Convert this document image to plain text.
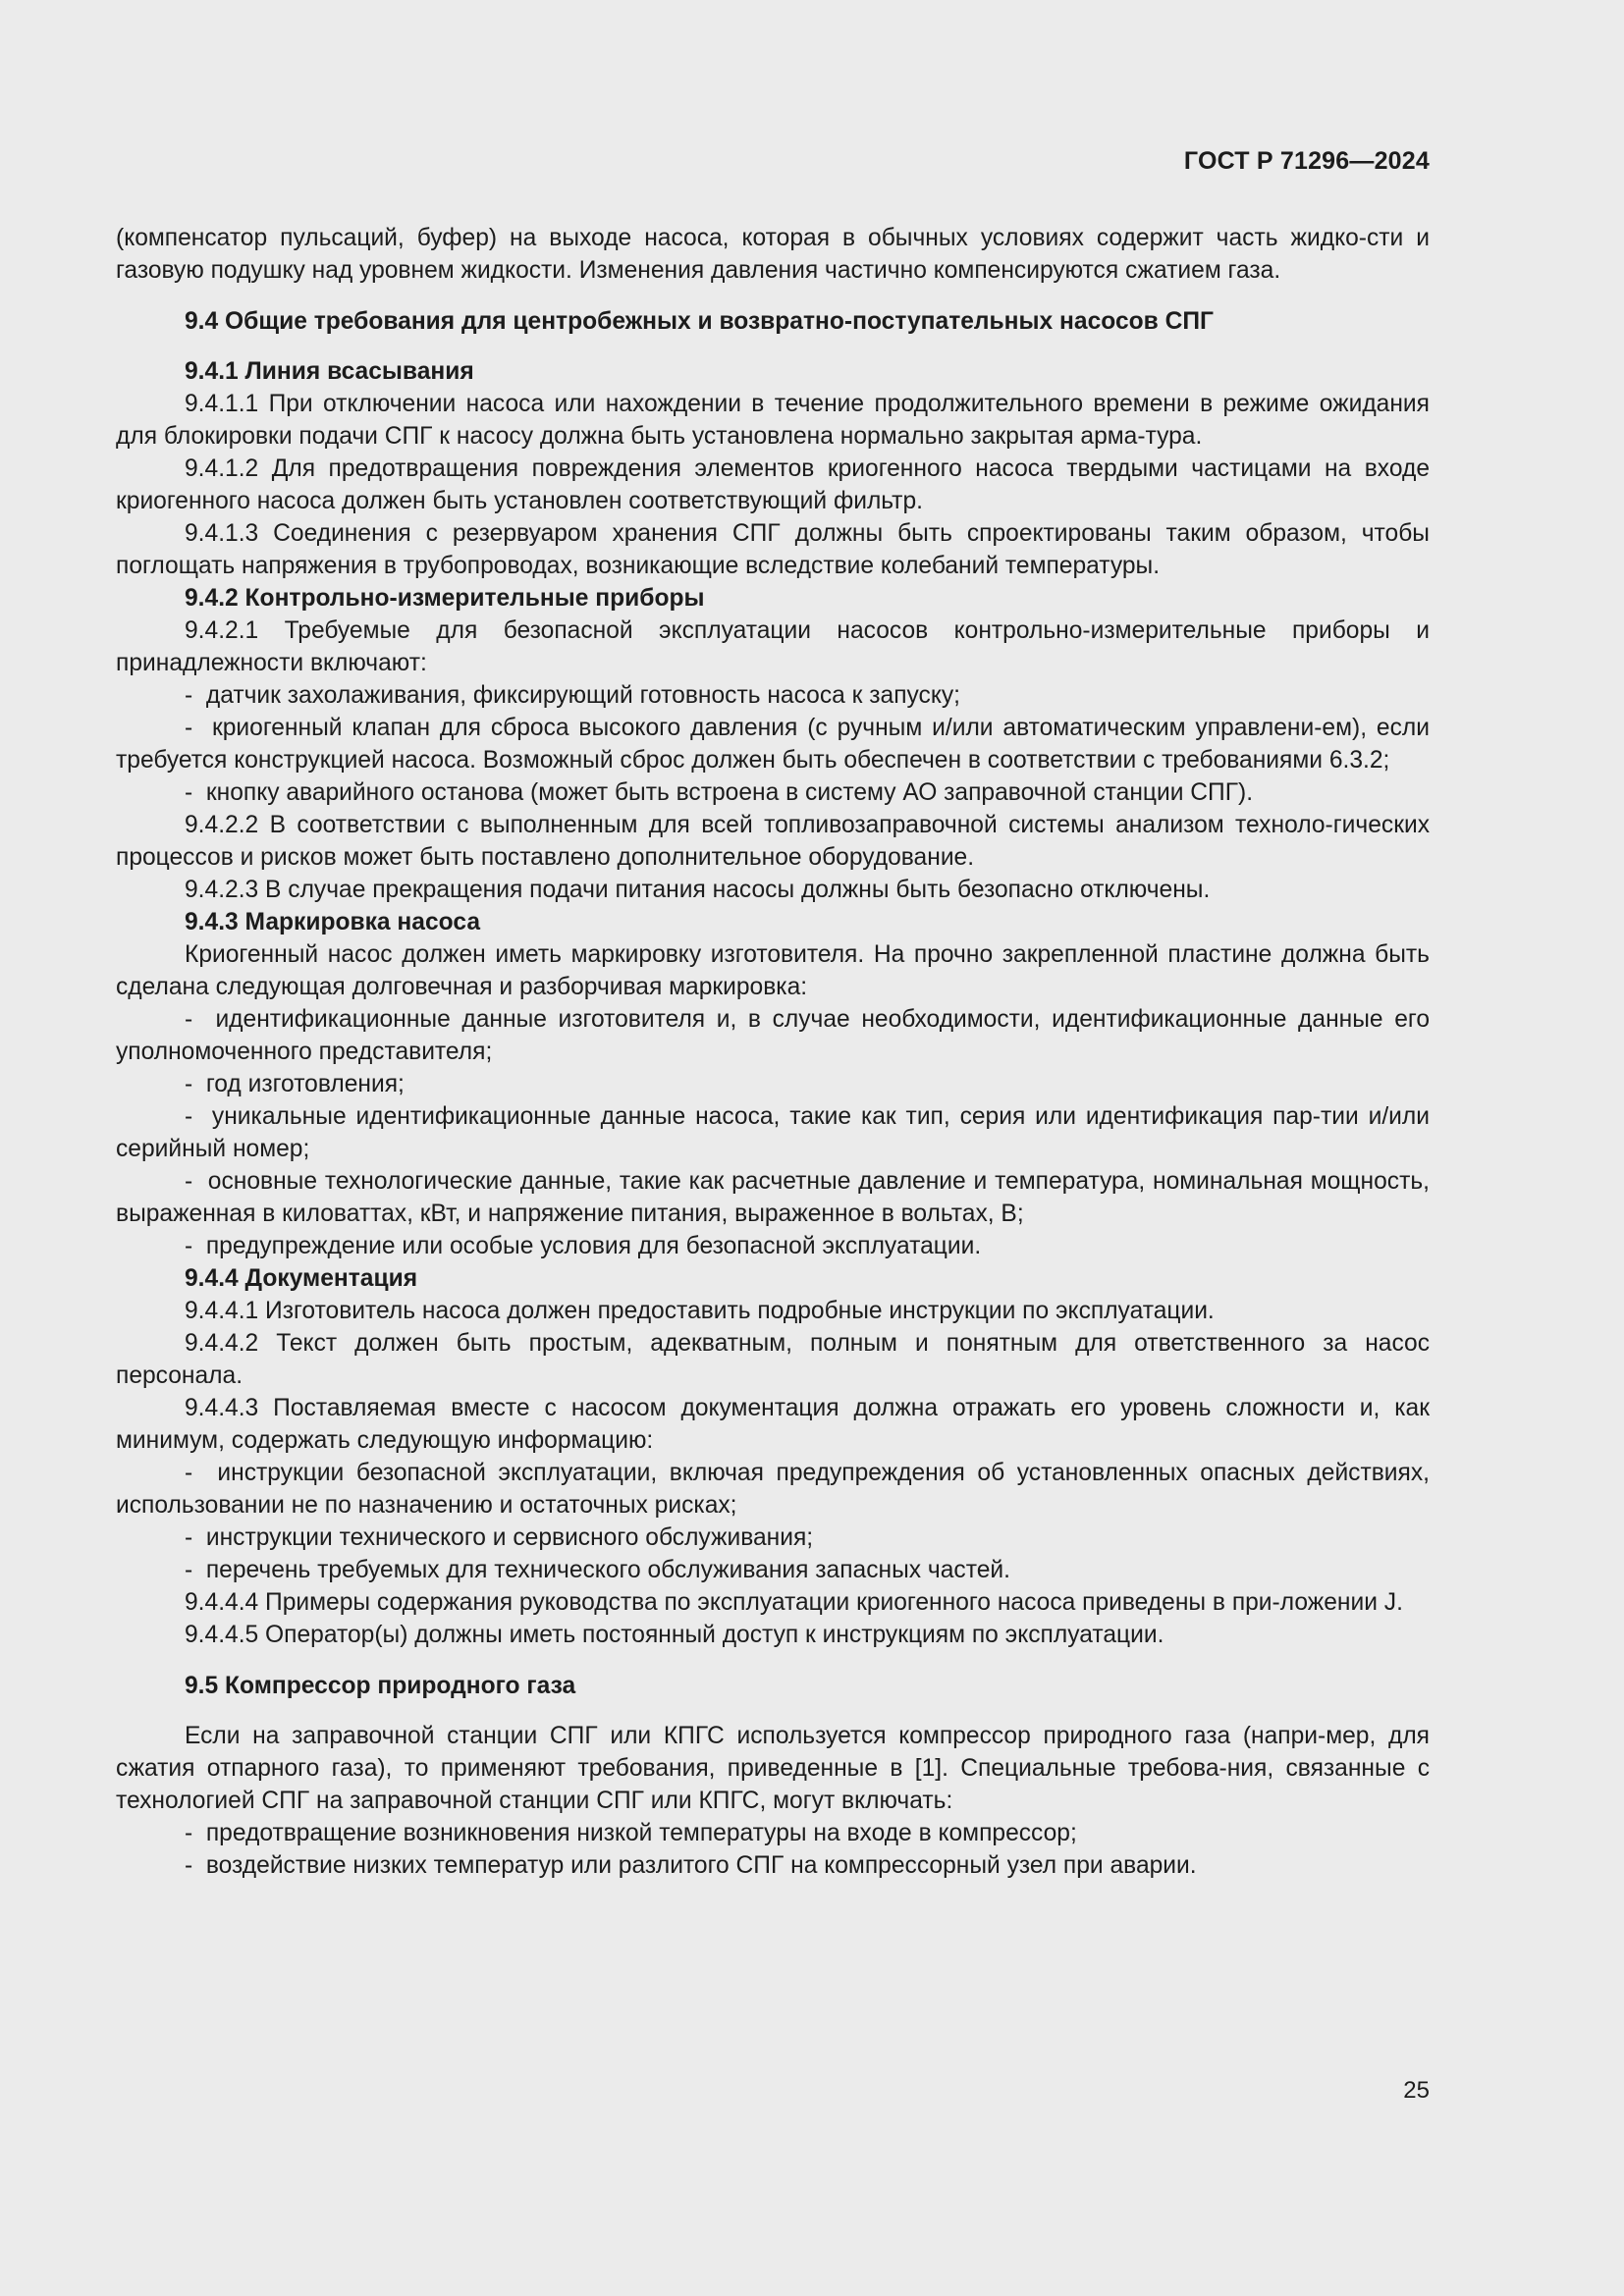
ГОСТ Р 71296—2024

(компенсатор пульсаций, буфер) на выходе насоса, которая в обычных условиях содержит часть жидко-сти и газовую подушку над уровнем жидкости. Изменения давления частично компенсируются сжатием газа.

9.4 Общие требования для центробежных и возвратно-поступательных насосов СПГ

9.4.1 Линия всасывания

9.4.1.1 При отключении насоса или нахождении в течение продолжительного времени в режиме ожидания для блокировки подачи СПГ к насосу должна быть установлена нормально закрытая арма-тура.

9.4.1.2 Для предотвращения повреждения элементов криогенного насоса твердыми частицами на входе криогенного насоса должен быть установлен соответствующий фильтр.

9.4.1.3 Соединения с резервуаром хранения СПГ должны быть спроектированы таким образом, чтобы поглощать напряжения в трубопроводах, возникающие вследствие колебаний температуры.

9.4.2 Контрольно-измерительные приборы

9.4.2.1 Требуемые для безопасной эксплуатации насосов контрольно-измерительные приборы и принадлежности включают:

-  датчик захолаживания, фиксирующий готовность насоса к запуску;

-  криогенный клапан для сброса высокого давления (с ручным и/или автоматическим управлени-ем), если требуется конструкцией насоса. Возможный сброс должен быть обеспечен в соответствии с требованиями 6.3.2;

-  кнопку аварийного останова (может быть встроена в систему АО заправочной станции СПГ).

9.4.2.2 В соответствии с выполненным для всей топливозаправочной системы анализом техноло-гических процессов и рисков может быть поставлено дополнительное оборудование.

9.4.2.3 В случае прекращения подачи питания насосы должны быть безопасно отключены.

9.4.3 Маркировка насоса

Криогенный насос должен иметь маркировку изготовителя. На прочно закрепленной пластине должна быть сделана следующая долговечная и разборчивая маркировка:

-  идентификационные данные изготовителя и, в случае необходимости, идентификационные данные его уполномоченного представителя;

-  год изготовления;

-  уникальные идентификационные данные насоса, такие как тип, серия или идентификация пар-тии и/или серийный номер;

-  основные технологические данные, такие как расчетные давление и температура, номинальная мощность, выраженная в киловаттах, кВт, и напряжение питания, выраженное в вольтах, В;

-  предупреждение или особые условия для безопасной эксплуатации.

9.4.4 Документация

9.4.4.1 Изготовитель насоса должен предоставить подробные инструкции по эксплуатации.

9.4.4.2 Текст должен быть простым, адекватным, полным и понятным для ответственного за насос персонала.

9.4.4.3 Поставляемая вместе с насосом документация должна отражать его уровень сложности и, как минимум, содержать следующую информацию:

-  инструкции безопасной эксплуатации, включая предупреждения об установленных опасных действиях, использовании не по назначению и остаточных рисках;

-  инструкции технического и сервисного обслуживания;

-  перечень требуемых для технического обслуживания запасных частей.

9.4.4.4 Примеры содержания руководства по эксплуатации криогенного насоса приведены в при-ложении J.

9.4.4.5 Оператор(ы) должны иметь постоянный доступ к инструкциям по эксплуатации.

9.5 Компрессор природного газа

Если на заправочной станции СПГ или КПГС используется компрессор природного газа (напри-мер, для сжатия отпарного газа), то применяют требования, приведенные в [1]. Специальные требова-ния, связанные с технологией СПГ на заправочной станции СПГ или КПГС, могут включать:

-  предотвращение возникновения низкой температуры на входе в компрессор;

-  воздействие низких температур или разлитого СПГ на компрессорный узел при аварии.

25
